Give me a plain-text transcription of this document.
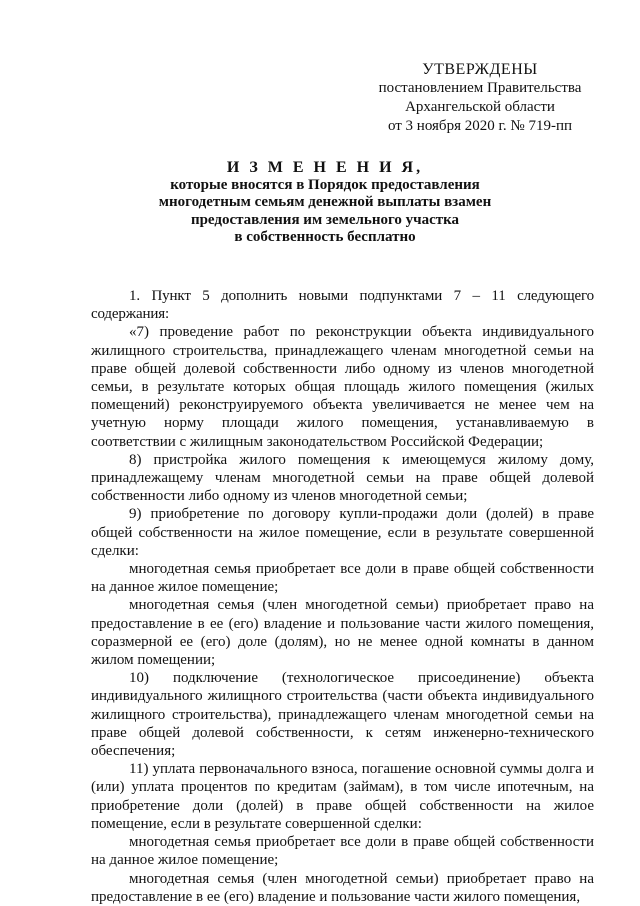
УТВЕРЖДЕНЫ
постановлением Правительства
Архангельской области
от 3 ноября 2020 г. № 719-пп
И З М Е Н Е Н И Я,
которые вносятся в Порядок предоставления
многодетным семьям денежной выплаты взамен
предоставления им земельного участка
в собственность бесплатно

1. Пункт 5 дополнить новыми подпунктами 7 – 11 следующего содержания:

«7) проведение работ по реконструкции объекта индивидуального жилищного строительства, принадлежащего членам многодетной семьи на праве общей долевой собственности либо одному из членов многодетной семьи, в результате которых общая площадь жилого помещения (жилых помещений) реконструируемого объекта увеличивается не менее чем на учетную норму площади жилого помещения, устанавливаемую в соответствии с жилищным законодательством Российской Федерации;

8) пристройка жилого помещения к имеющемуся жилому дому, принадлежащему членам многодетной семьи на праве общей долевой собственности либо одному из членов многодетной семьи;

9) приобретение по договору купли-продажи доли (долей) в праве общей собственности на жилое помещение, если в результате совершенной сделки:

многодетная семья приобретает все доли в праве общей собственности на данное жилое помещение;

многодетная семья (член многодетной семьи) приобретает право на предоставление в ее (его) владение и пользование части жилого помещения, соразмерной ее (его) доле (долям), но не менее одной комнаты в данном жилом помещении;

10) подключение (технологическое присоединение) объекта индивидуального жилищного строительства (части объекта индивидуального жилищного строительства), принадлежащего членам многодетной семьи на праве общей долевой собственности, к сетям инженерно-технического обеспечения;

11) уплата первоначального взноса, погашение основной суммы долга и (или) уплата процентов по кредитам (займам), в том числе ипотечным, на приобретение доли (долей) в праве общей собственности на жилое помещение, если в результате совершенной сделки:

многодетная семья приобретает все доли в праве общей собственности на данное жилое помещение;

многодетная семья (член многодетной семьи) приобретает право на предоставление в ее (его) владение и пользование части жилого помещения,
